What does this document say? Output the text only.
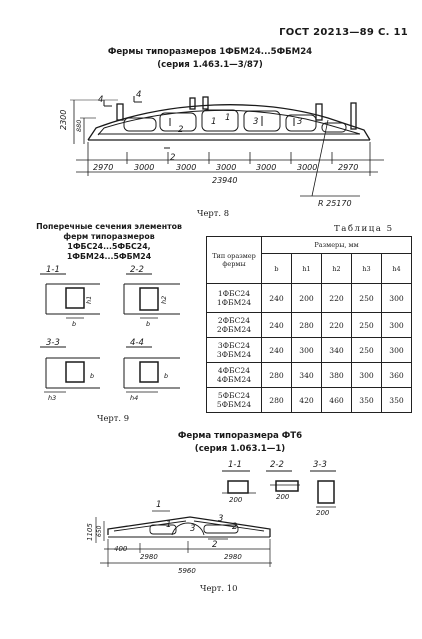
ГОСТ 20213—89 С. 11
Фермы типоразмеров 1ФБМ24...5ФБМ24
(серия 1.463.1—3/87)
4	4
2
2
1
1	3	3
2300 880
2970	3000	3000 3000 3000	3000	2970
23940
R 25170
Черт. 8
Поперечные сечения элементов
ферм типоразмеров
1ФБС24...5ФБС24,
1ФБМ24...5ФБМ24
1-1	2-2
3-3	4-4
b
h1
b
h2
b
h3
b
h4
Черт. 9
Таблица 5
Тип оразмер фермы	Размеры, мм				
	b	h1	h2	h3	h4

1ФБС24
1ФБМ24	240	200	220	250	300

2ФБС24
2ФБМ24	240	280	220	250	300

3ФБС24
3ФБМ24	240	300	340	250	300

4ФБС24
4ФБМ24	280	340	380	300	360

5ФБС24
5ФБМ24	280	420	460	350	350
Ферма типоразмера ФТ6
(серия 1.063.1—1)
1-1	2-2	3-3
1
1
2
2
3
3
200	200
200
1105 650
400
2980	2980
5960
Черт. 10
